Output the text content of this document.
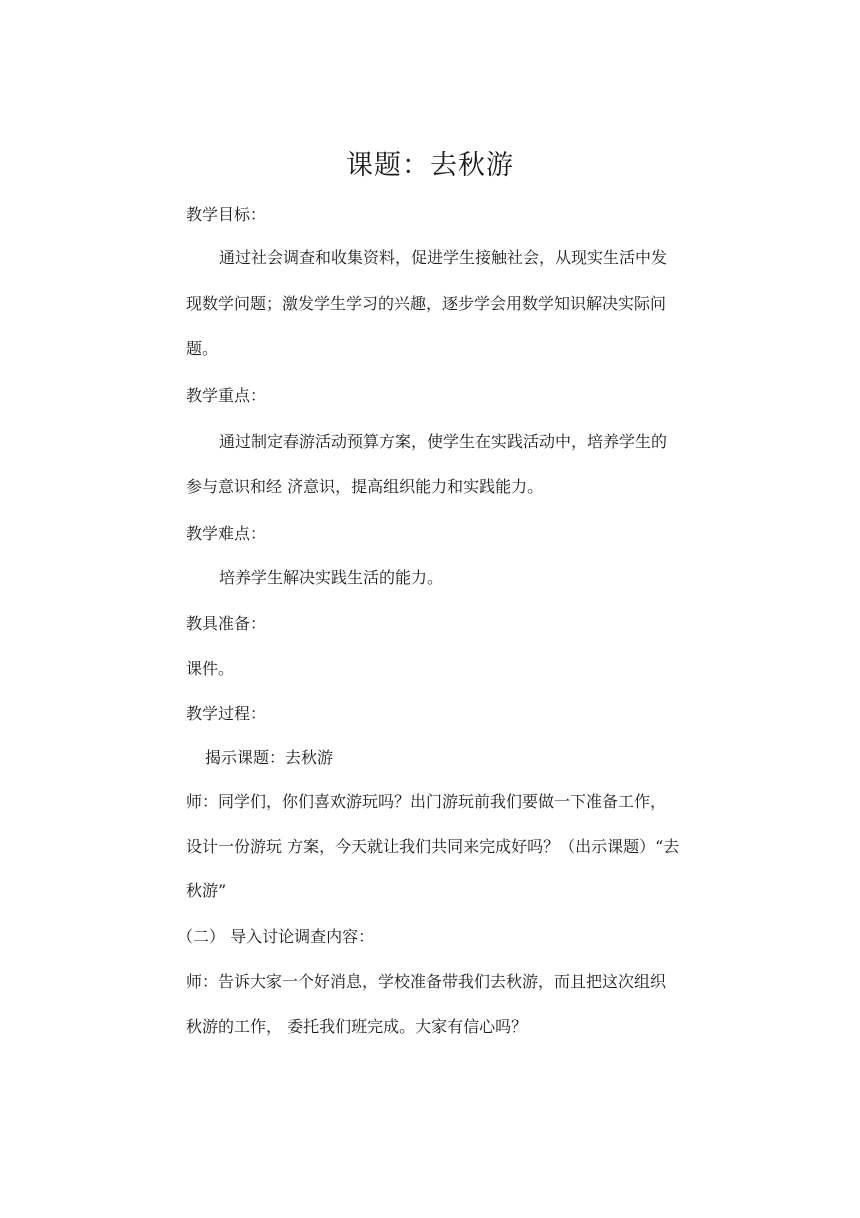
课题：去秋游
教学目标：
通过社会调查和收集资料，促进学生接触社会，从现实生活中发
现数学问题；激发学生学习的兴趣，逐步学会用数学知识解决实际问
题。
教学重点：
通过制定春游活动预算方案，使学生在实践活动中，培养学生的
参与意识和经 济意识，提高组织能力和实践能力。
教学难点：
培养学生解决实践生活的能力。
教具准备：
课件。
教学过程：
揭示课题：去秋游
师：同学们，你们喜欢游玩吗？出门游玩前我们要做一下准备工作，
设计一份游玩 方案，今天就让我们共同来完成好吗？（出示课题）“去
秋游”
（二） 导入讨论调查内容：
师：告诉大家一个好消息，学校准备带我们去秋游，而且把这次组织
秋游的工作， 委托我们班完成。大家有信心吗？
